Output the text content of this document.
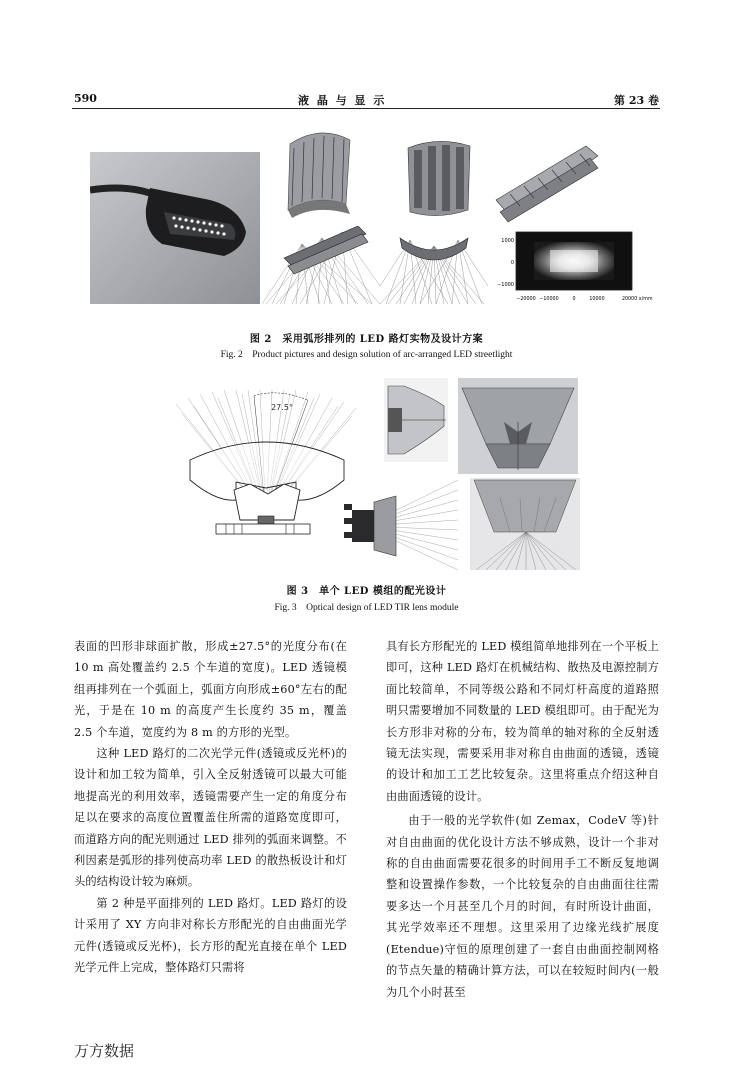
590	液 晶 与 显 示	第 23 卷
1000
0
−1000
−20000 −10000	0	10000	20000 x/mm
图 2　采用弧形排列的 LED 路灯实物及设计方案
Fig. 2　Product pictures and design solution of arc-arranged LED streetlight
27.5°
图 3　单个 LED 模组的配光设计
Fig. 3　Optical design of LED TIR lens module

表面的凹形非球面扩散，形成±27.5°的光度分布(在 10 m 高处覆盖约 2.5 个车道的宽度)。LED 透镜模组再排列在一个弧面上，弧面方向形成±60°左右的配光，于是在 10 m 的高度产生长度约 35 m，覆盖 2.5 个车道，宽度约为 8 m 的方形的光型。

这种 LED 路灯的二次光学元件(透镜或反光杯)的设计和加工较为简单，引入全反射透镜可以最大可能地提高光的利用效率，透镜需要产生一定的角度分布足以在要求的高度位置覆盖住所需的道路宽度即可，而道路方向的配光则通过 LED 排列的弧面来调整。不利因素是弧形的排列使高功率 LED 的散热板设计和灯头的结构设计较为麻烦。

第 2 种是平面排列的 LED 路灯。LED 路灯的设计采用了 XY 方向非对称长方形配光的自由曲面光学元件(透镜或反光杯)，长方形的配光直接在单个 LED 光学元件上完成，整体路灯只需将

具有长方形配光的 LED 模组简单地排列在一个平板上即可，这种 LED 路灯在机械结构、散热及电源控制方面比较简单，不同等级公路和不同灯杆高度的道路照明只需要增加不同数量的 LED 模组即可。由于配光为长方形非对称的分布，较为简单的轴对称的全反射透镜无法实现，需要采用非对称自由曲面的透镜，透镜的设计和加工工艺比较复杂。这里将重点介绍这种自由曲面透镜的设计。

由于一般的光学软件(如 Zemax，CodeV 等)针对自由曲面的优化设计方法不够成熟，设计一个非对称的自由曲面需要花很多的时间用手工不断反复地调整和设置操作参数，一个比较复杂的自由曲面往往需要多达一个月甚至几个月的时间，有时所设计曲面，其光学效率还不理想。这里采用了边缘光线扩展度(Etendue)守恒的原理创建了一套自由曲面控制网格的节点矢量的精确计算方法，可以在较短时间内(一般为几个小时甚至

万方数据
